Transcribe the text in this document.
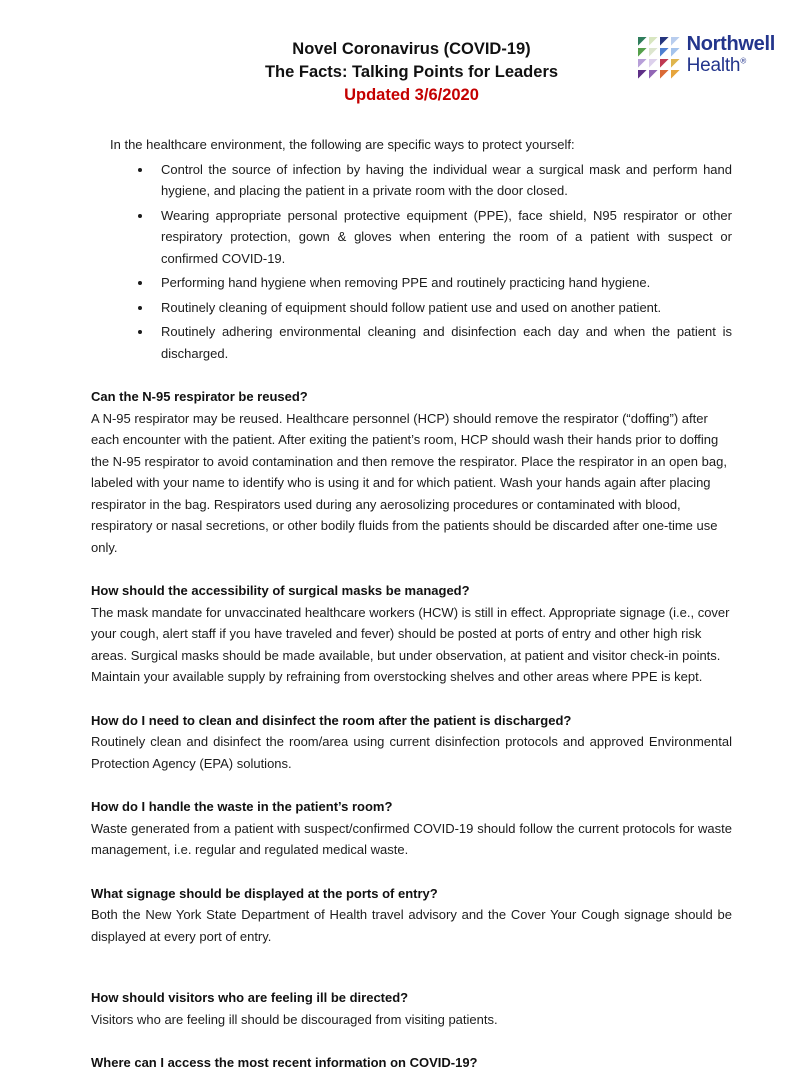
Northwell
Health®
Novel Coronavirus (COVID-19)
The Facts: Talking Points for Leaders
Updated 3/6/2020

In the healthcare environment, the following are specific ways to protect yourself:

• Control the source of infection by having the individual wear a surgical mask and perform hand hygiene, and placing the patient in a private room with the door closed.
• Wearing appropriate personal protective equipment (PPE), face shield, N95 respirator or other respiratory protection, gown & gloves when entering the room of a patient with suspect or confirmed COVID-19.
• Performing hand hygiene when removing PPE and routinely practicing hand hygiene.
• Routinely cleaning of equipment should follow patient use and used on another patient.
• Routinely adhering environmental cleaning and disinfection each day and when the patient is discharged.
Can the N-95 respirator be reused?

A N-95 respirator may be reused. Healthcare personnel (HCP) should remove the respirator (“doffing”) after each encounter with the patient. After exiting the patient’s room, HCP should wash their hands prior to doffing the N-95 respirator to avoid contamination and then remove the respirator. Place the respirator in an open bag, labeled with your name to identify who is using it and for which patient. Wash your hands again after placing respirator in the bag. Respirators used during any aerosolizing procedures or contaminated with blood, respiratory or nasal secretions, or other bodily fluids from the patients should be discarded after one-time use only.

How should the accessibility of surgical masks be managed?

The mask mandate for unvaccinated healthcare workers (HCW) is still in effect. Appropriate signage (i.e., cover your cough, alert staff if you have traveled and fever) should be posted at ports of entry and other high risk areas. Surgical masks should be made available, but under observation, at patient and visitor check-in points. Maintain your available supply by refraining from overstocking shelves and other areas where PPE is kept.

How do I need to clean and disinfect the room after the patient is discharged?

Routinely clean and disinfect the room/area using current disinfection protocols and approved Environmental Protection Agency (EPA) solutions.

How do I handle the waste in the patient’s room?

Waste generated from a patient with suspect/confirmed COVID-19 should follow the current protocols for waste management, i.e. regular and regulated medical waste.

What signage should be displayed at the ports of entry?

Both the New York State Department of Health travel advisory and the Cover Your Cough signage should be displayed at every port of entry.

How should visitors who are feeling ill be directed?

Visitors who are feeling ill should be discouraged from visiting patients.

Where can I access the most recent information on COVID-19?
